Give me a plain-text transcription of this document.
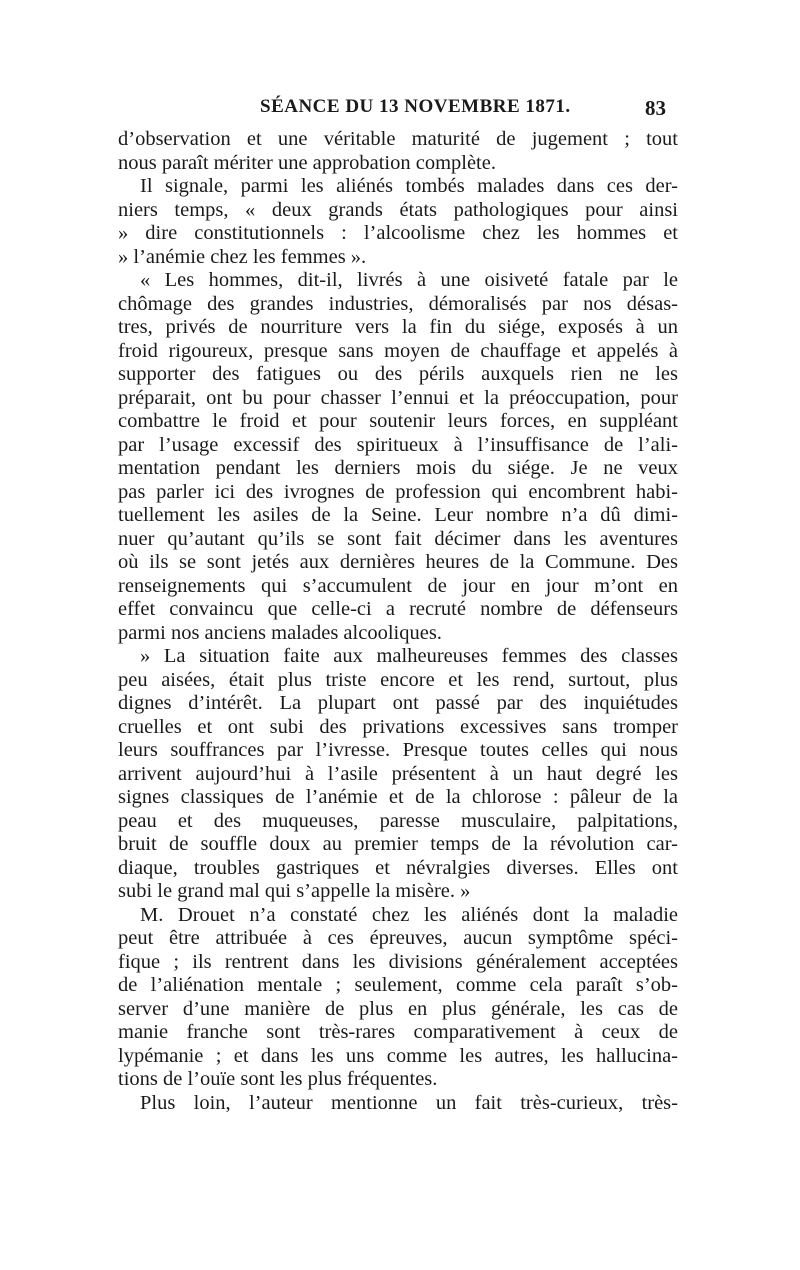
SÉANCE DU 13 NOVEMBRE 1871.	83
d’observation et une véritable maturité de jugement ; tout
nous paraît mériter une approbation complète.
Il signale, parmi les aliénés tombés malades dans ces der-
niers temps, « deux grands états pathologiques pour ainsi
» dire constitutionnels : l’alcoolisme chez les hommes et
» l’anémie chez les femmes ».
« Les hommes, dit-il, livrés à une oisiveté fatale par le
chômage des grandes industries, démoralisés par nos désas-
tres, privés de nourriture vers la fin du siége, exposés à un
froid rigoureux, presque sans moyen de chauffage et appelés à
supporter des fatigues ou des périls auxquels rien ne les
préparait, ont bu pour chasser l’ennui et la préoccupation, pour
combattre le froid et pour soutenir leurs forces, en suppléant
par l’usage excessif des spiritueux à l’insuffisance de l’ali-
mentation pendant les derniers mois du siége. Je ne veux
pas parler ici des ivrognes de profession qui encombrent habi-
tuellement les asiles de la Seine. Leur nombre n’a dû dimi-
nuer qu’autant qu’ils se sont fait décimer dans les aventures
où ils se sont jetés aux dernières heures de la Commune. Des
renseignements qui s’accumulent de jour en jour m’ont en
effet convaincu que celle-ci a recruté nombre de défenseurs
parmi nos anciens malades alcooliques.
» La situation faite aux malheureuses femmes des classes
peu aisées, était plus triste encore et les rend, surtout, plus
dignes d’intérêt. La plupart ont passé par des inquiétudes
cruelles et ont subi des privations excessives sans tromper
leurs souffrances par l’ivresse. Presque toutes celles qui nous
arrivent aujourd’hui à l’asile présentent à un haut degré les
signes classiques de l’anémie et de la chlorose : pâleur de la
peau et des muqueuses, paresse musculaire, palpitations,
bruit de souffle doux au premier temps de la révolution car-
diaque, troubles gastriques et névralgies diverses. Elles ont
subi le grand mal qui s’appelle la misère. »
M. Drouet n’a constaté chez les aliénés dont la maladie
peut être attribuée à ces épreuves, aucun symptôme spéci-
fique ; ils rentrent dans les divisions généralement acceptées
de l’aliénation mentale ; seulement, comme cela paraît s’ob-
server d’une manière de plus en plus générale, les cas de
manie franche sont très-rares comparativement à ceux de
lypémanie ; et dans les uns comme les autres, les hallucina-
tions de l’ouïe sont les plus fréquentes.
Plus loin, l’auteur mentionne un fait très-curieux, très-
